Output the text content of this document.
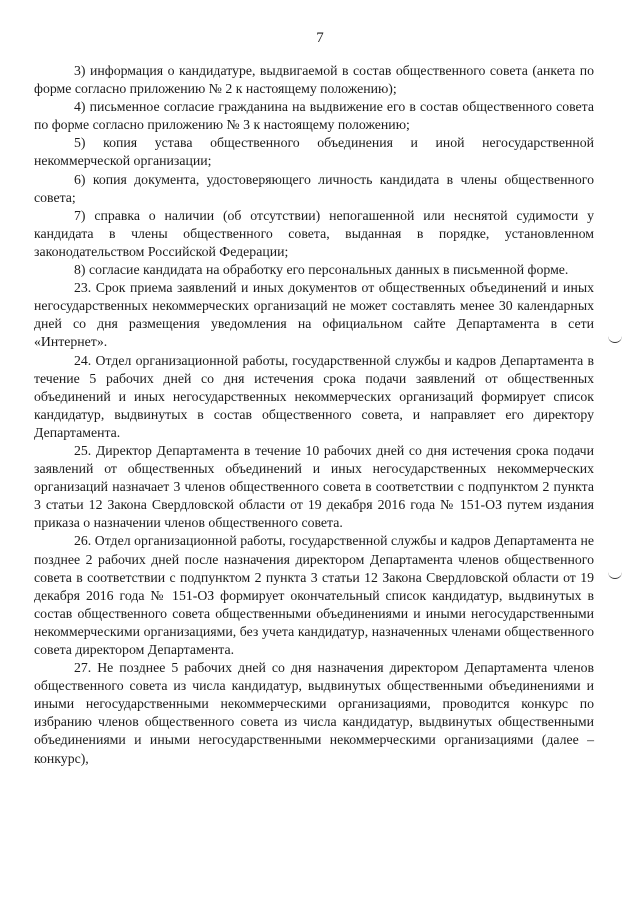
7

3) информация о кандидатуре, выдвигаемой в состав общественного совета (анкета по форме согласно приложению № 2 к настоящему положению);

4) письменное согласие гражданина на выдвижение его в состав общественного совета по форме согласно приложению № 3 к настоящему положению;

5) копия устава общественного объединения и иной негосударственной некоммерческой организации;

6) копия документа, удостоверяющего личность кандидата в члены общественного совета;

7) справка о наличии (об отсутствии) непогашенной или неснятой судимости у кандидата в члены общественного совета, выданная в порядке, установленном законодательством Российской Федерации;

8) согласие кандидата на обработку его персональных данных в письменной форме.

23. Срок приема заявлений и иных документов от общественных объединений и иных негосударственных некоммерческих организаций не может составлять менее 30 календарных дней со дня размещения уведомления на официальном сайте Департамента в сети «Интернет».

24. Отдел организационной работы, государственной службы и кадров Департамента в течение 5 рабочих дней со дня истечения срока подачи заявлений от общественных объединений и иных негосударственных некоммерческих организаций формирует список кандидатур, выдвинутых в состав общественного совета, и направляет его директору Департамента.

25. Директор Департамента в течение 10 рабочих дней со дня истечения срока подачи заявлений от общественных объединений и иных негосударственных некоммерческих организаций назначает 3 членов общественного совета в соответствии с подпунктом 2 пункта 3 статьи 12 Закона Свердловской области от 19 декабря 2016 года № 151-ОЗ путем издания приказа о назначении членов общественного совета.

26. Отдел организационной работы, государственной службы и кадров Департамента не позднее 2 рабочих дней после назначения директором Департамента членов общественного совета в соответствии с подпунктом 2 пункта 3 статьи 12 Закона Свердловской области от 19 декабря 2016 года № 151-ОЗ формирует окончательный список кандидатур, выдвинутых в состав общественного совета общественными объединениями и иными негосударственными некоммерческими организациями, без учета кандидатур, назначенных членами общественного совета директором Департамента.

27. Не позднее 5 рабочих дней со дня назначения директором Департамента членов общественного совета из числа кандидатур, выдвинутых общественными объединениями и иными негосударственными некоммерческими организациями, проводится конкурс по избранию членов общественного совета из числа кандидатур, выдвинутых общественными объединениями и иными негосударственными некоммерческими организациями (далее – конкурс),
